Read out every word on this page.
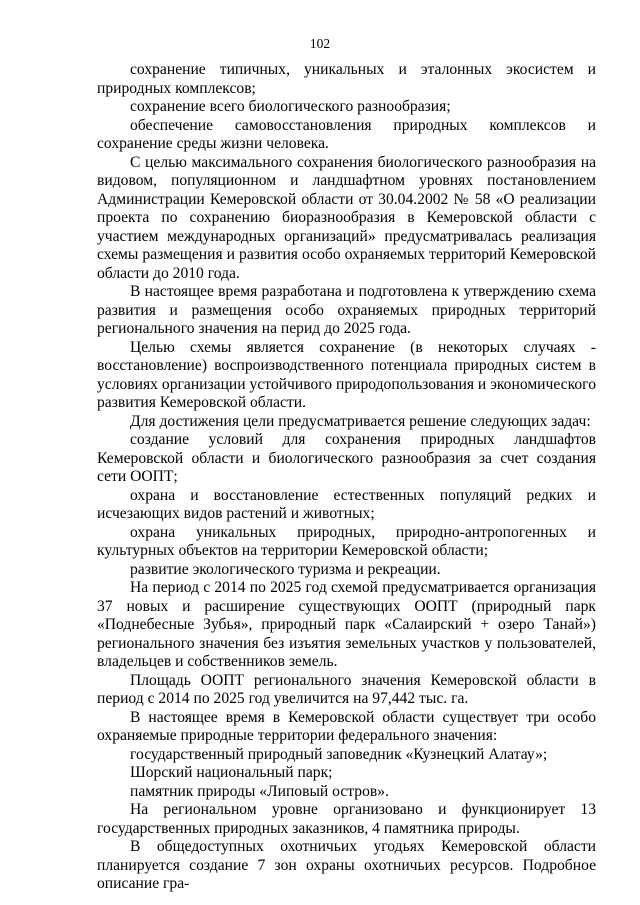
102

сохранение типичных, уникальных и эталонных экосистем и природных комплексов;

сохранение всего биологического разнообразия;

обеспечение самовосстановления природных комплексов и сохранение среды жизни человека.

С целью максимального сохранения биологического разнообразия на видовом, популяционном и ландшафтном уровнях постановлением Администрации Кемеровской области от 30.04.2002 № 58 «О реализации проекта по сохранению биоразнообразия в Кемеровской области с участием международных организаций» предусматривалась реализация схемы размещения и развития особо охраняемых территорий Кемеровской области до 2010 года.

В настоящее время разработана и подготовлена к утверждению схема развития и размещения особо охраняемых природных территорий регионального значения на перид до 2025 года.

Целью схемы является сохранение (в некоторых случаях - восстановление) воспроизводственного потенциала природных систем в условиях организации устойчивого природопользования и экономического развития Кемеровской области.

Для достижения цели предусматривается решение следующих задач:

создание условий для сохранения природных ландшафтов Кемеровской области и биологического разнообразия за счет создания сети ООПТ;

охрана и восстановление естественных популяций редких и исчезающих видов растений и животных;

охрана уникальных природных, природно-антропогенных и культурных объектов на территории Кемеровской области;

развитие экологического туризма и рекреации.

На период с 2014 по 2025 год схемой предусматривается организация 37 новых и расширение существующих ООПТ (природный парк «Поднебесные Зубья», природный парк «Салаирский + озеро Танай») регионального значения без изъятия земельных участков у пользователей, владельцев и собственников земель.

Площадь ООПТ регионального значения Кемеровской области в период с 2014 по 2025 год увеличится на 97,442 тыс. га.

В настоящее время в Кемеровской области существует три особо охраняемые природные территории федерального значения:

государственный природный заповедник «Кузнецкий Алатау»;

Шорский национальный парк;

памятник природы «Липовый остров».

На региональном уровне организовано и функционирует 13 государственных природных заказников, 4 памятника природы.

В общедоступных охотничьих угодьях Кемеровской области планируется создание 7 зон охраны охотничьих ресурсов. Подробное описание гра-
